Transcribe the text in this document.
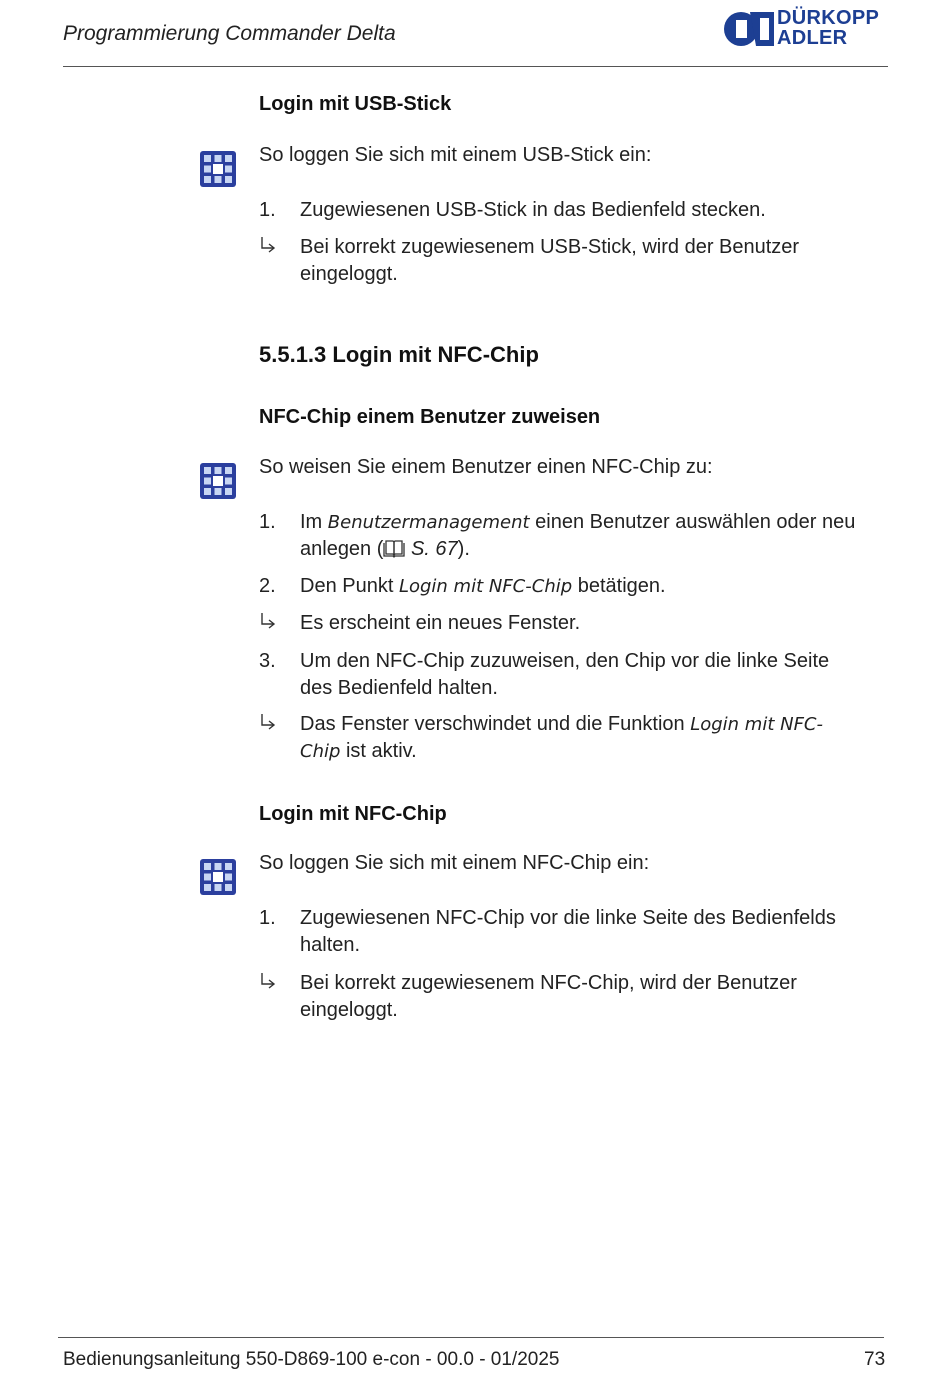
Programmierung Commander Delta
DÜRKOPP
ADLER
Login mit USB-Stick
So loggen Sie sich mit einem USB-Stick ein:
1. Zugewiesenen USB-Stick in das Bedienfeld stecken.
Bei korrekt zugewiesenem USB-Stick, wird der Benutzer
eingeloggt.
5.5.1.3 Login mit NFC-Chip
NFC-Chip einem Benutzer zuweisen
So weisen Sie einem Benutzer einen NFC-Chip zu:
1. Im Benutzermanagement einen Benutzer auswählen oder neu
anlegen ( S. 67).
2. Den Punkt Login mit NFC-Chip betätigen.
Es erscheint ein neues Fenster.
3. Um den NFC-Chip zuzuweisen, den Chip vor die linke Seite
des Bedienfeld halten.
Das Fenster verschwindet und die Funktion Login mit NFC-
Chip ist aktiv.
Login mit NFC-Chip
So loggen Sie sich mit einem NFC-Chip ein:
1. Zugewiesenen NFC-Chip vor die linke Seite des Bedienfelds
halten.
Bei korrekt zugewiesenem NFC-Chip, wird der Benutzer
eingeloggt.
Bedienungsanleitung 550-D869-100 e-con - 00.0 - 01/2025	73
